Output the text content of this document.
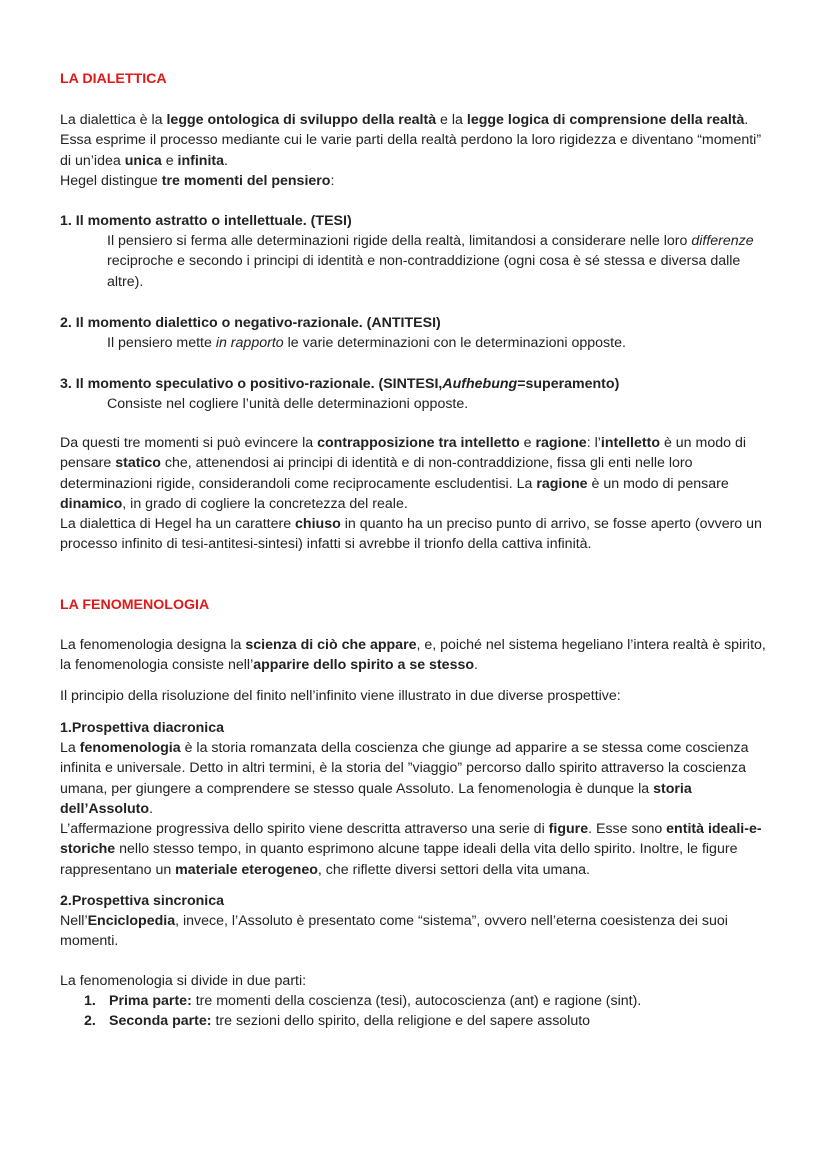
LA DIALETTICA
La dialettica è la legge ontologica di sviluppo della realtà e la legge logica di comprensione della realtà. Essa esprime il processo mediante cui le varie parti della realtà perdono la loro rigidezza e diventano “momenti” di un’idea unica e infinita.
Hegel distingue tre momenti del pensiero:
1. Il momento astratto o intellettuale. (TESI)
Il pensiero si ferma alle determinazioni rigide della realtà, limitandosi a considerare nelle loro differenze reciproche e secondo i principi di identità e non-contraddizione (ogni cosa è sé stessa e diversa dalle altre).
2. Il momento dialettico o negativo-razionale. (ANTITESI)
Il pensiero mette in rapporto le varie determinazioni con le determinazioni opposte.
3. Il momento speculativo o positivo-razionale. (SINTESI,Aufhebung=superamento)
Consiste nel cogliere l’unità delle determinazioni opposte.
Da questi tre momenti si può evincere la contrapposizione tra intelletto e ragione: l’intelletto è un modo di pensare statico che, attenendosi ai principi di identità e di non-contraddizione, fissa gli enti nelle loro determinazioni rigide, considerandoli come reciprocamente escludentisi. La ragione è un modo di pensare dinamico, in grado di cogliere la concretezza del reale.
La dialettica di Hegel ha un carattere chiuso in quanto ha un preciso punto di arrivo, se fosse aperto (ovvero un processo infinito di tesi-antitesi-sintesi) infatti si avrebbe il trionfo della cattiva infinità.
LA FENOMENOLOGIA
La fenomenologia designa la scienza di ciò che appare, e, poiché nel sistema hegeliano l’intera realtà è spirito, la fenomenologia consiste nell’apparire dello spirito a se stesso.
Il principio della risoluzione del finito nell’infinito viene illustrato in due diverse prospettive:
1.Prospettiva diacronica
La fenomenologia è la storia romanzata della coscienza che giunge ad apparire a se stessa come coscienza infinita e universale. Detto in altri termini, è la storia del ”viaggio” percorso dallo spirito attraverso la coscienza umana, per giungere a comprendere se stesso quale Assoluto. La fenomenologia è dunque la storia dell’Assoluto.
L’affermazione progressiva dello spirito viene descritta attraverso una serie di figure. Esse sono entità ideali-e-storiche nello stesso tempo, in quanto esprimono alcune tappe ideali della vita dello spirito. Inoltre, le figure rappresentano un materiale eterogeneo, che riflette diversi settori della vita umana.
2.Prospettiva sincronica
Nell’Enciclopedia, invece, l’Assoluto è presentato come “sistema”, ovvero nell’eterna coesistenza dei suoi momenti.
La fenomenologia si divide in due parti:
1. Prima parte: tre momenti della coscienza (tesi), autocoscienza (ant) e ragione (sint).
2. Seconda parte: tre sezioni dello spirito, della religione e del sapere assoluto
